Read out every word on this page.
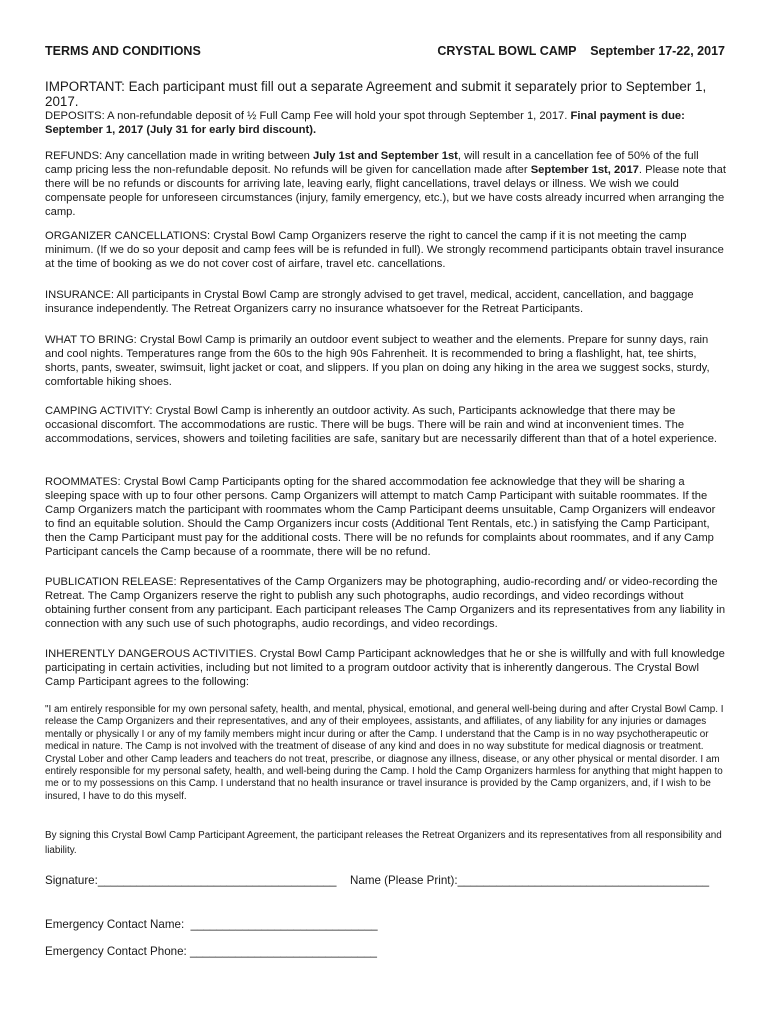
TERMS AND CONDITIONS	CRYSTAL BOWL CAMP September 17-22, 2017
IMPORTANT: Each participant must fill out a separate Agreement and submit it separately prior to September 1, 2017.
DEPOSITS: A non-refundable deposit of ½ Full Camp Fee will hold your spot through September 1, 2017. Final payment is due: September 1, 2017 (July 31 for early bird discount).
REFUNDS: Any cancellation made in writing between July 1st and September 1st, will result in a cancellation fee of 50% of the full camp pricing less the non-refundable deposit. No refunds will be given for cancellation made after September 1st, 2017. Please note that there will be no refunds or discounts for arriving late, leaving early, flight cancellations, travel delays or illness. We wish we could compensate people for unforeseen circumstances (injury, family emergency, etc.), but we have costs already incurred when arranging the camp.
ORGANIZER CANCELLATIONS: Crystal Bowl Camp Organizers reserve the right to cancel the camp if it is not meeting the camp minimum. (If we do so your deposit and camp fees will be is refunded in full). We strongly recommend participants obtain travel insurance at the time of booking as we do not cover cost of airfare, travel etc. cancellations.
INSURANCE: All participants in Crystal Bowl Camp are strongly advised to get travel, medical, accident, cancellation, and baggage insurance independently. The Retreat Organizers carry no insurance whatsoever for the Retreat Participants.
WHAT TO BRING: Crystal Bowl Camp is primarily an outdoor event subject to weather and the elements. Prepare for sunny days, rain and cool nights. Temperatures range from the 60s to the high 90s Fahrenheit. It is recommended to bring a flashlight, hat, tee shirts, shorts, pants, sweater, swimsuit, light jacket or coat, and slippers. If you plan on doing any hiking in the area we suggest socks, sturdy, comfortable hiking shoes.
CAMPING ACTIVITY: Crystal Bowl Camp is inherently an outdoor activity. As such, Participants acknowledge that there may be occasional discomfort. The accommodations are rustic. There will be bugs. There will be rain and wind at inconvenient times. The accommodations, services, showers and toileting facilities are safe, sanitary but are necessarily different than that of a hotel experience.
ROOMMATES: Crystal Bowl Camp Participants opting for the shared accommodation fee acknowledge that they will be sharing a sleeping space with up to four other persons. Camp Organizers will attempt to match Camp Participant with suitable roommates. If the Camp Organizers match the participant with roommates whom the Camp Participant deems unsuitable, Camp Organizers will endeavor to find an equitable solution. Should the Camp Organizers incur costs (Additional Tent Rentals, etc.) in satisfying the Camp Participant, then the Camp Participant must pay for the additional costs. There will be no refunds for complaints about roommates, and if any Camp Participant cancels the Camp because of a roommate, there will be no refund.
PUBLICATION RELEASE: Representatives of the Camp Organizers may be photographing, audio-recording and/ or video-recording the Retreat. The Camp Organizers reserve the right to publish any such photographs, audio recordings, and video recordings without obtaining further consent from any participant. Each participant releases The Camp Organizers and its representatives from any liability in connection with any such use of such photographs, audio recordings, and video recordings.
INHERENTLY DANGEROUS ACTIVITIES. Crystal Bowl Camp Participant acknowledges that he or she is willfully and with full knowledge participating in certain activities, including but not limited to a program outdoor activity that is inherently dangerous. The Crystal Bowl Camp Participant agrees to the following:
"I am entirely responsible for my own personal safety, health, and mental, physical, emotional, and general well-being during and after Crystal Bowl Camp. I release the Camp Organizers and their representatives, and any of their employees, assistants, and affiliates, of any liability for any injuries or damages mentally or physically I or any of my family members might incur during or after the Camp. I understand that the Camp is in no way psychotherapeutic or medical in nature. The Camp is not involved with the treatment of disease of any kind and does in no way substitute for medical diagnosis or treatment. Crystal Lober and other Camp leaders and teachers do not treat, prescribe, or diagnose any illness, disease, or any other physical or mental disorder. I am entirely responsible for my personal safety, health, and well-being during the Camp. I hold the Camp Organizers harmless for anything that might happen to me or to my possessions on this Camp. I understand that no health insurance or travel insurance is provided by the Camp organizers, and, if I wish to be insured, I have to do this myself.
By signing this Crystal Bowl Camp Participant Agreement, the participant releases the Retreat Organizers and its representatives from all responsibility and liability.
Signature:_____________________________________ Name (Please Print):_______________________________________
Emergency Contact Name:  _____________________________
Emergency Contact Phone: _____________________________
